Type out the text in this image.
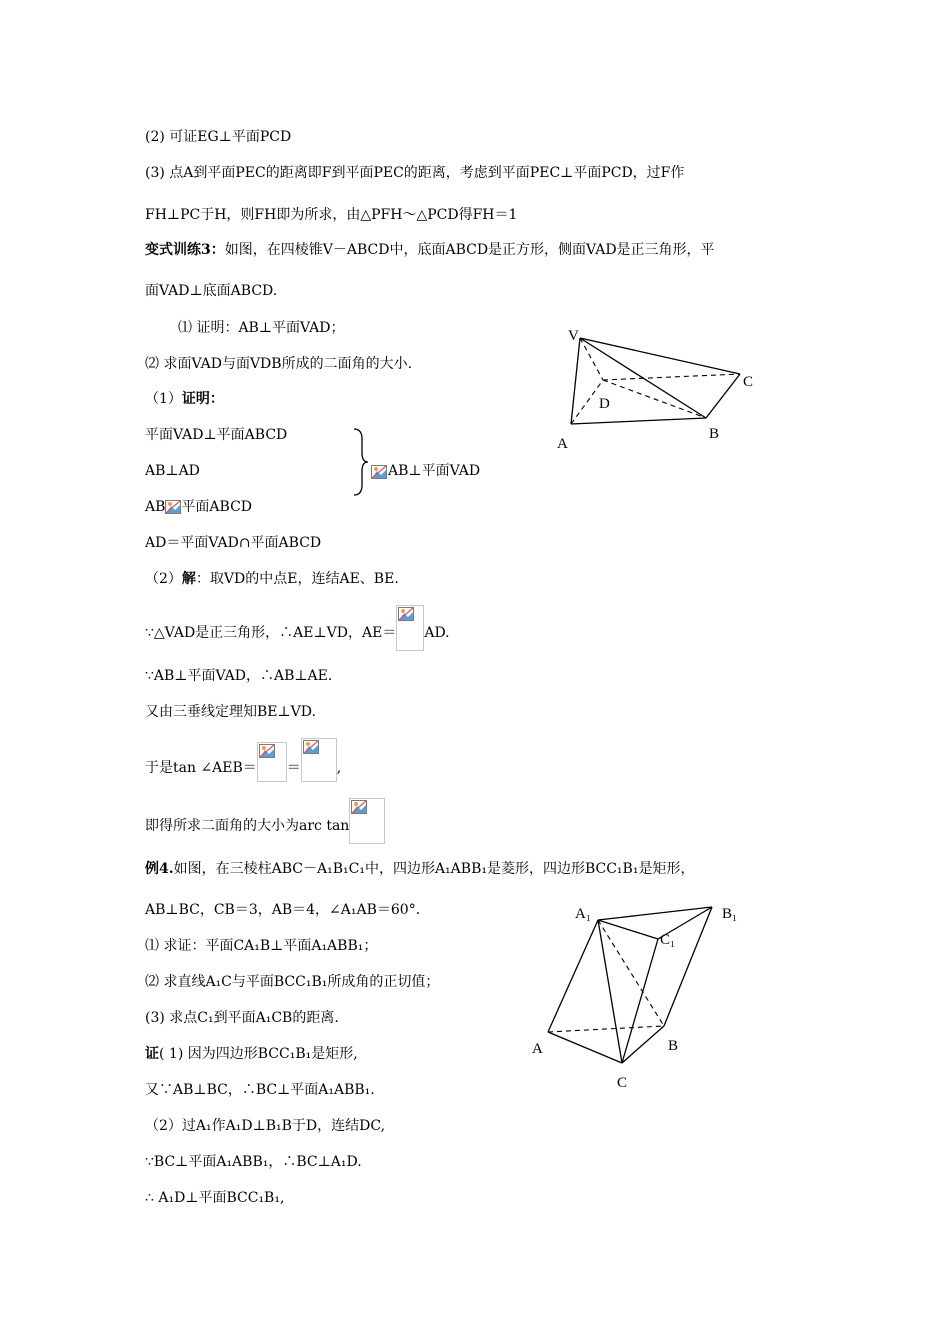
(2) 可证EG⊥平面PCD
(3) 点A到平面PEC的距离即F到平面PEC的距离，考虑到平面PEC⊥平面PCD，过F作
FH⊥PC于H，则FH即为所求，由△PFH～△PCD得FH＝1
变式训练3：如图，在四棱锥V－ABCD中，底面ABCD是正方形，侧面VAD是正三角形，平
面VAD⊥底面ABCD.
⑴ 证明：AB⊥平面VAD；
⑵ 求面VAD与面VDB所成的二面角的大小.
（1）证明：
平面VAD⊥平面ABCD
AB⊥AD	AB⊥平面VAD
AB 平面ABCD
AD＝平面VAD∩平面ABCD
（2）解：取VD的中点E，连结AE、BE.
∵△VAD是正三角形，∴AE⊥VD，AE＝ AD.
∵AB⊥平面VAD，∴AB⊥AE.
又由三垂线定理知BE⊥VD.
于是tan ∠AEB＝ ＝	,
即得所求二面角的大小为arc tan
例4.如图，在三棱柱ABC－A₁B₁C₁中，四边形A₁ABB₁是菱形，四边形BCC₁B₁是矩形，
AB⊥BC，CB＝3，AB＝4，∠A₁AB＝60°.
⑴ 求证：平面CA₁B⊥平面A₁ABB₁；
⑵ 求直线A₁C与平面BCC₁B₁所成角的正切值；
(3) 求点C₁到平面A₁CB的距离.
证( 1) 因为四边形BCC₁B₁是矩形,
又∵AB⊥BC，∴BC⊥平面A₁ABB₁.
（2）过A₁作A₁D⊥B₁B于D，连结DC,
∵BC⊥平面A₁ABB₁，∴BC⊥A₁D.
∴ A₁D⊥平面BCC₁B₁,
V
C
D
A
B
A₁	B₁
C₁
A	B
C
